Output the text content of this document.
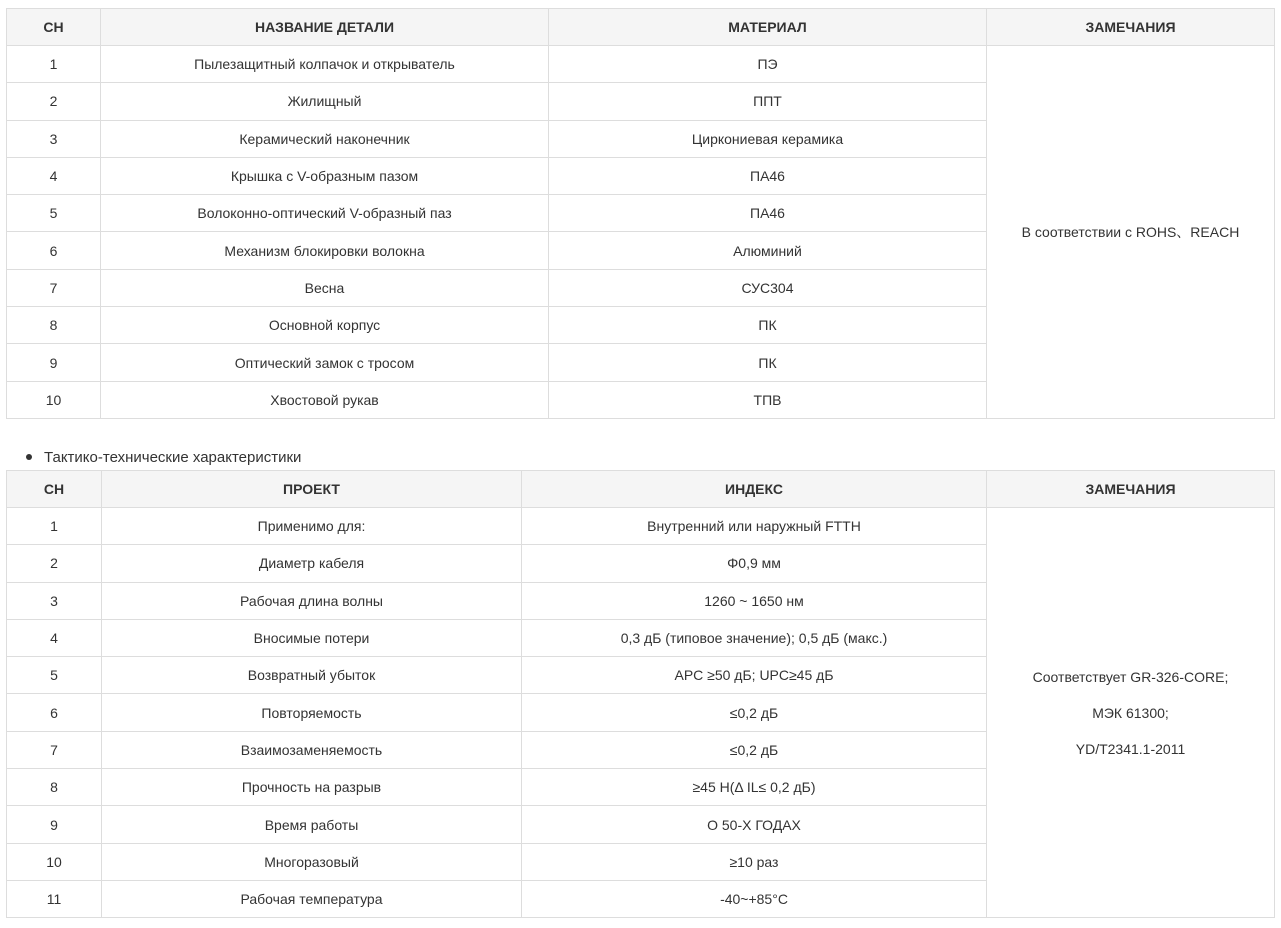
СН	НАЗВАНИЕ ДЕТАЛИ	МАТЕРИАЛ	ЗАМЕЧАНИЯ
1	Пылезащитный колпачок и открыватель	ПЭ	В соответствии с ROHS、REACH
2	Жилищный	ППТ	
3	Керамический наконечник	Циркониевая керамика	
4	Крышка с V-образным пазом	ПА46	
5	Волоконно-оптический V-образный паз	ПА46	
6	Механизм блокировки волокна	Алюминий	
7	Весна	СУС304	
8	Основной корпус	ПК	
9	Оптический замок с тросом	ПК	
10	Хвостовой рукав	ТПВ	
Тактико-технические характеристики
СН	ПРОЕКТ	ИНДЕКС	ЗАМЕЧАНИЯ
1	Применимо для:	Внутренний или наружный FTTH	Соответствует GR-326-CORE;
МЭК 61300;
YD/T2341.1-2011

2	Диаметр кабеля	Φ0,9 мм	
3	Рабочая длина волны	1260 ~ 1650 нм	
4	Вносимые потери	0,3 дБ (типовое значение); 0,5 дБ (макс.)	
5	Возвратный убыток	APC ≥50 дБ; UPC≥45 дБ	
6	Повторяемость	≤0,2 дБ	
7	Взаимозаменяемость	≤0,2 дБ	
8	Прочность на разрыв	≥45 Н(Δ IL≤ 0,2 дБ)	
9	Время работы	О 50-Х ГОДАХ	
10	Многоразовый	≥10 раз	
11	Рабочая температура	-40~+85°C	
